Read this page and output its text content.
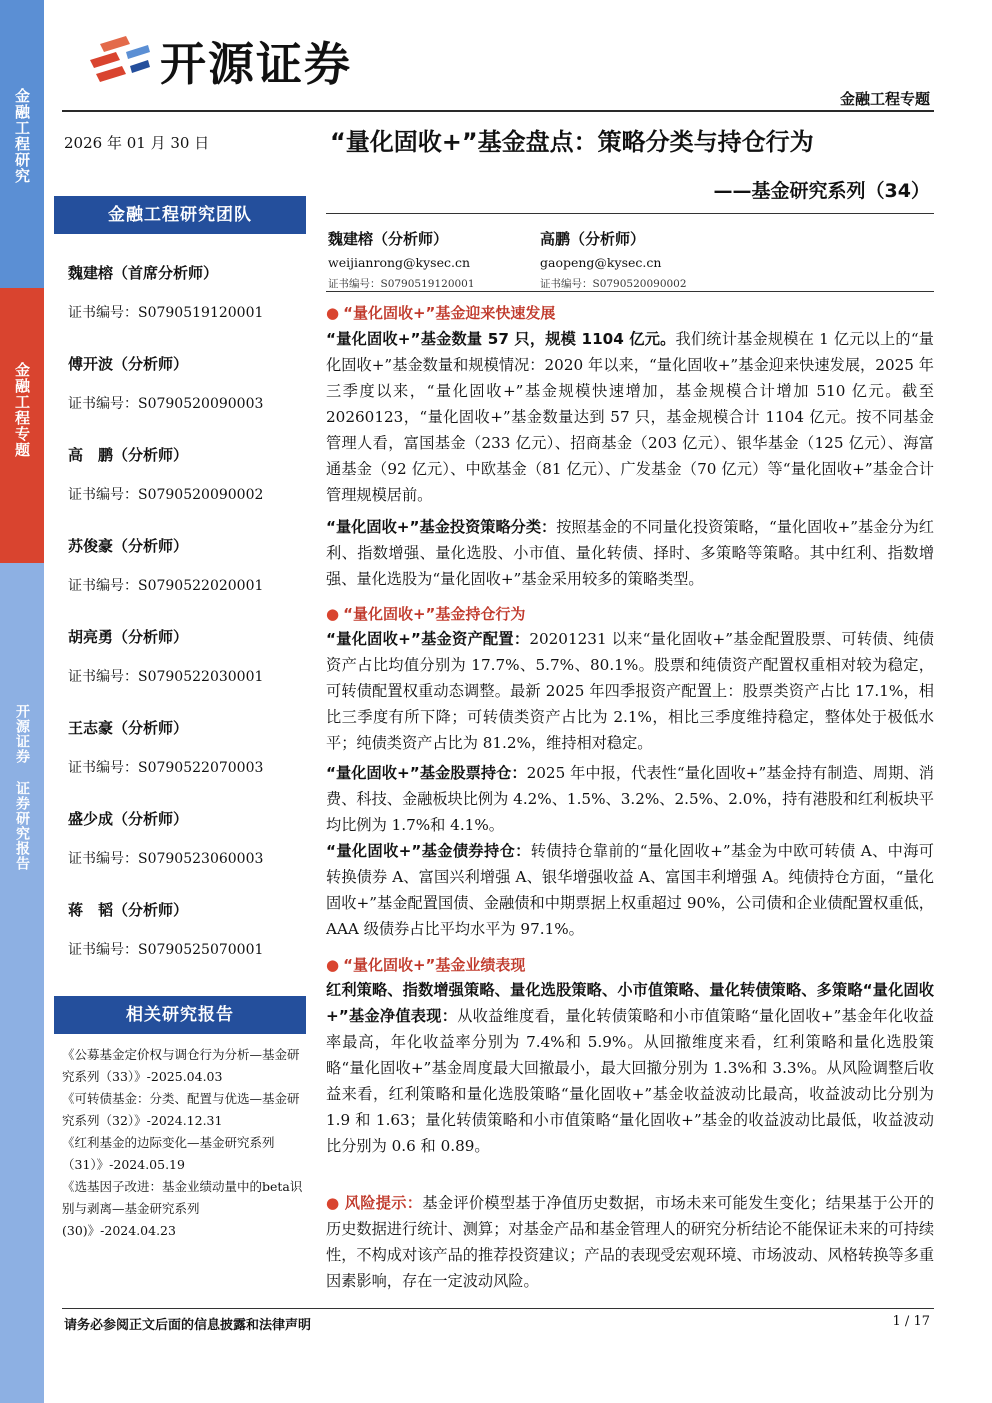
金融工程研究
金融工程专题
开源证券 证券研究报告
开源证券
金融工程专题
2026 年 01 月 30 日	“量化固收+”基金盘点：策略分类与持仓行为
——基金研究系列（34）
魏建榕（分析师）
weijianrong@kysec.cn
证书编号：S0790519120001
高鹏（分析师）
gaopeng@kysec.cn
证书编号：S0790520090002
金融工程研究团队
魏建榕（首席分析师）
证书编号：S0790519120001
傅开波（分析师）
证书编号：S0790520090003
高　鹏（分析师）
证书编号：S0790520090002
苏俊豪（分析师）
证书编号：S0790522020001
胡亮勇（分析师）
证书编号：S0790522030001
王志豪（分析师）
证书编号：S0790522070003
盛少成（分析师）
证书编号：S0790523060003
蒋　韬（分析师）
证书编号：S0790525070001
相关研究报告
《公募基金定价权与调仓行为分析—基金研究系列（33）》-2025.04.03
《可转债基金：分类、配置与优选—基金研究系列（32）》-2024.12.31
《红利基金的边际变化—基金研究系列（31）》-2024.05.19
《选基因子改进：基金业绩动量中的beta识别与剥离—基金研究系列(30)》-2024.04.23
● “量化固收+”基金迎来快速发展
“量化固收+”基金数量 57 只，规模 1104 亿元。我们统计基金规模在 1 亿元以上的“量化固收+”基金数量和规模情况：2020 年以来，“量化固收+”基金迎来快速发展，2025 年三季度以来，“量化固收+”基金规模快速增加，基金规模合计增加 510 亿元。截至 20260123，“量化固收+”基金数量达到 57 只，基金规模合计 1104 亿元。按不同基金管理人看，富国基金（233 亿元）、招商基金（203 亿元）、银华基金（125 亿元）、海富通基金（92 亿元）、中欧基金（81 亿元）、广发基金（70 亿元）等“量化固收+”基金合计管理规模居前。
“量化固收+”基金投资策略分类：按照基金的不同量化投资策略，“量化固收+”基金分为红利、指数增强、量化选股、小市值、量化转债、择时、多策略等策略。其中红利、指数增强、量化选股为“量化固收+”基金采用较多的策略类型。
● “量化固收+”基金持仓行为
“量化固收+”基金资产配置：20201231 以来“量化固收+”基金配置股票、可转债、纯债资产占比均值分别为 17.7%、5.7%、80.1%。股票和纯债资产配置权重相对较为稳定，可转债配置权重动态调整。最新 2025 年四季报资产配置上：股票类资产占比 17.1%，相比三季度有所下降；可转债类资产占比为 2.1%，相比三季度维持稳定，整体处于极低水平；纯债类资产占比为 81.2%，维持相对稳定。
“量化固收+”基金股票持仓：2025 年中报，代表性“量化固收+”基金持有制造、周期、消费、科技、金融板块比例为 4.2%、1.5%、3.2%、2.5%、2.0%，持有港股和红利板块平均比例为 1.7%和 4.1%。
“量化固收+”基金债券持仓：转债持仓靠前的“量化固收+”基金为中欧可转债 A、中海可转换债券 A、富国兴利增强 A、银华增强收益 A、富国丰利增强 A。纯债持仓方面，“量化固收+”基金配置国债、金融债和中期票据上权重超过 90%，公司债和企业债配置权重低，AAA 级债券占比平均水平为 97.1%。
● “量化固收+”基金业绩表现
红利策略、指数增强策略、量化选股策略、小市值策略、量化转债策略、多策略“量化固收+”基金净值表现：从收益维度看，量化转债策略和小市值策略“量化固收+”基金年化收益率最高，年化收益率分别为 7.4%和 5.9%。从回撤维度来看，红利策略和量化选股策略“量化固收+”基金周度最大回撤最小，最大回撤分别为 1.3%和 3.3%。从风险调整后收益来看，红利策略和量化选股策略“量化固收+”基金收益波动比最高，收益波动比分别为 1.9 和 1.63；量化转债策略和小市值策略“量化固收+”基金的收益波动比最低，收益波动比分别为 0.6 和 0.89。
● 风险提示：基金评价模型基于净值历史数据，市场未来可能发生变化；结果基于公开的历史数据进行统计、测算；对基金产品和基金管理人的研究分析结论不能保证未来的可持续性，不构成对该产品的推荐投资建议；产品的表现受宏观环境、市场波动、风格转换等多重因素影响，存在一定波动风险。
请务必参阅正文后面的信息披露和法律声明	1 / 17
